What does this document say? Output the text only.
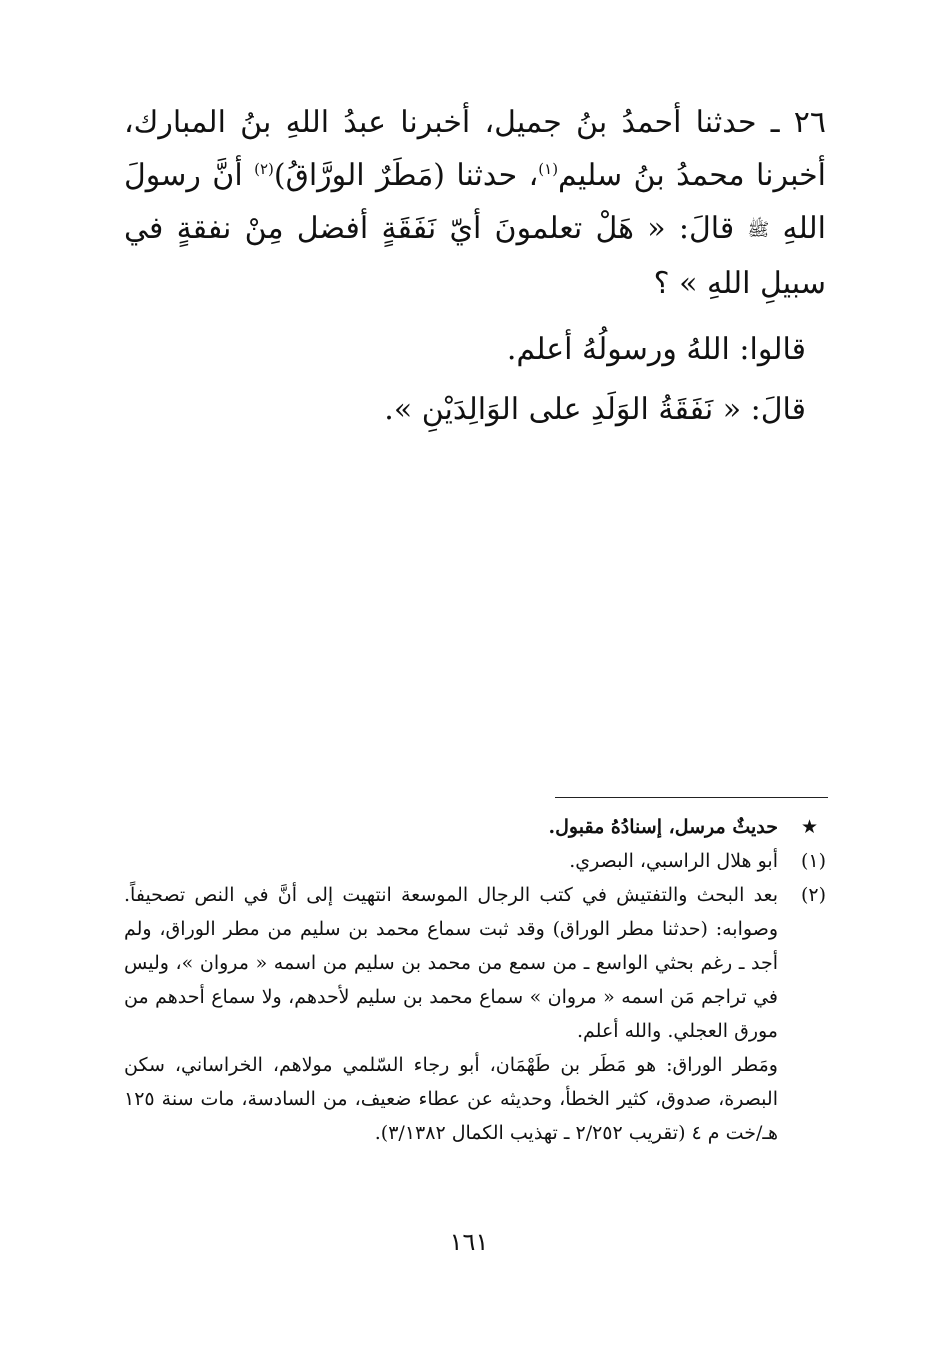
٢٦ ـ حدثنا أحمدُ بنُ جميل، أخبرنا عبدُ اللهِ بنُ المبارك، أخبرنا محمدُ بنُ سليم$^{(١)}$، حدثنا (مَطَرٌ الورَّاقُ)$^{(٢)}$ أنَّ رسولَ اللهِ ﷺ قالَ: « هَلْ تعلمونَ أيّ نَفَقَةٍ أفضل مِنْ نفقةٍ في سبيلِ اللهِ » ؟

قالوا: اللهُ ورسولُهُ أعلم.

قالَ: « نَفَقَةُ الوَلَدِ على الوَالِدَيْنِ ».

★
حديثٌ مرسل، إسنادُهُ مقبول.
(١)
أبو هلال الراسبي، البصري.
(٢)

بعد البحث والتفتيش في كتب الرجال الموسعة انتهيت إلى أنَّ في النص تصحيفاً. وصوابه: (حدثنا مطر الوراق) وقد ثبت سماع محمد بن سليم من مطر الوراق، ولم أجد ـ رغم بحثي الواسع ـ من سمع من محمد بن سليم من اسمه « مروان »، وليس في تراجم مَن اسمه « مروان » سماع محمد بن سليم لأحدهم، ولا سماع أحدهم من مورق العجلي. والله أعلم.

ومَطر الوراق: هو مَطَر بن طَهْمَان، أبو رجاء السّلمي مولاهم، الخراساني، سكن البصرة، صدوق، كثير الخطأ، وحديثه عن عطاء ضعيف، من السادسة، مات سنة ١٢٥ هـ/خت م ٤ (تقريب ٢/٢٥٢ ـ تهذيب الكمال ٣/١٣٨٢).

١٦١
